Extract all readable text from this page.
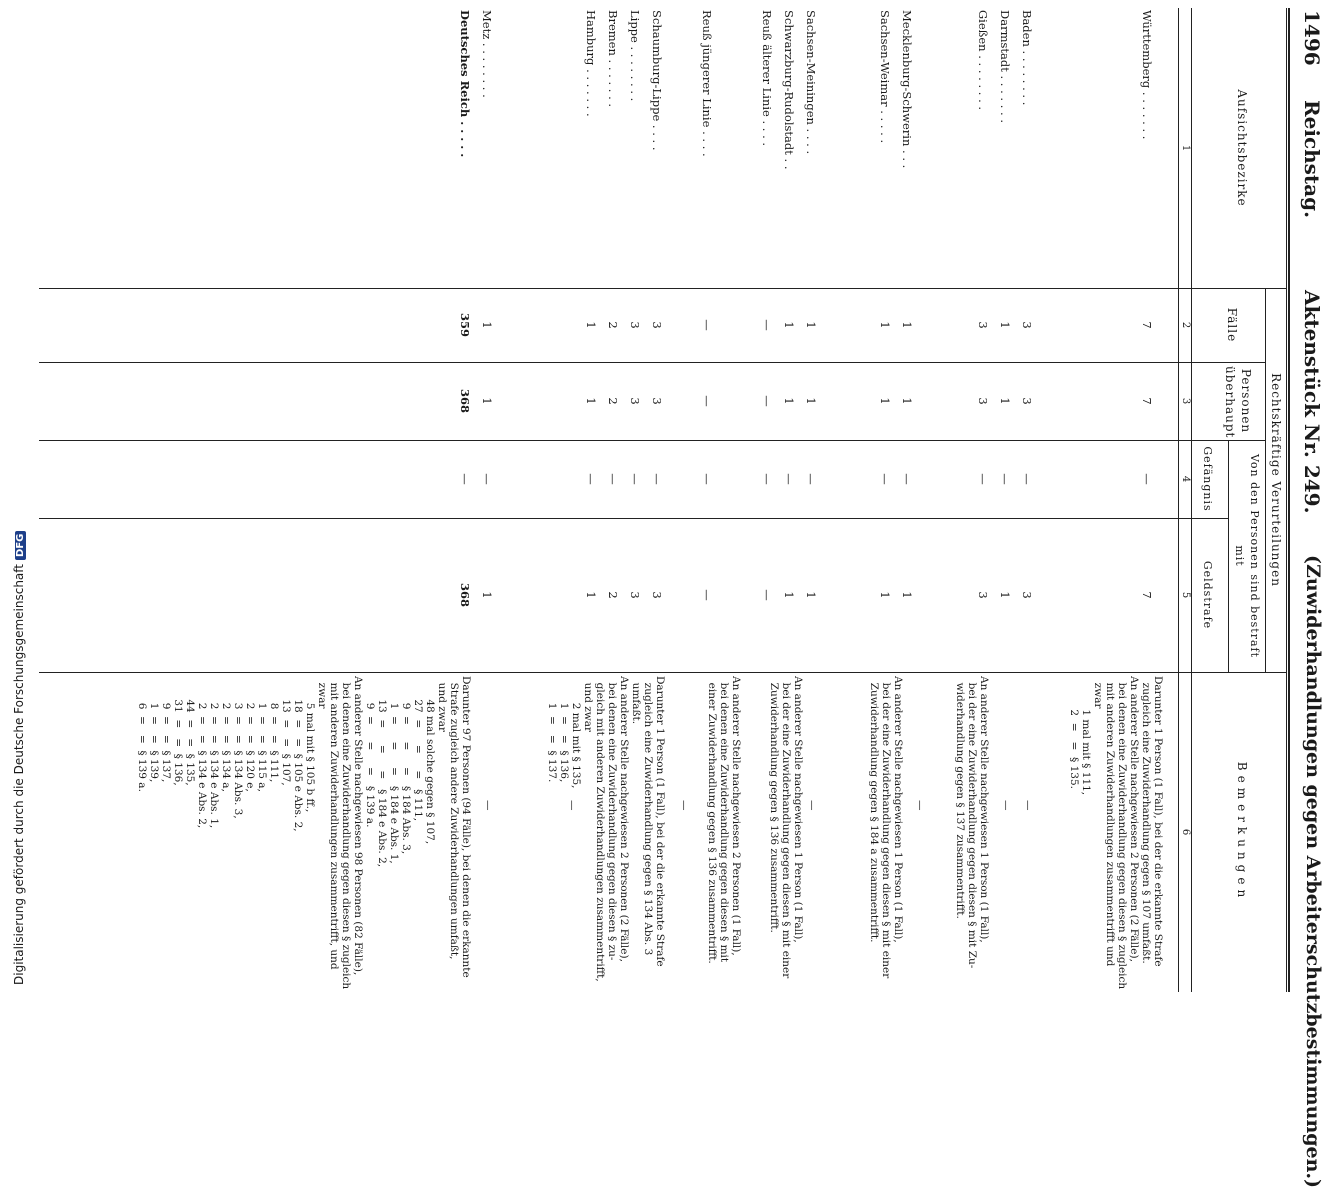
Digitalisierung gefördert durch die Deutsche ForschungsgemeinschaftDFG
1496
Reichstag.
Aktenstück Nr. 249.
(Zuwiderhandlungen gegen Arbeiterschutzbestimmungen.)
Aufsichtsbezirke
Rechtskräftige Verurteilungen
Fälle
Personen überhaupt
Von den Personen sind bestraft mit
Gefängnis
Geldstrafe
Bemerkungen
1
2
3
4
5
6
Württemberg . . . . . . .
7
7
—
7
Darunter 1 Person (1 Fall), bei der die erkannte Strafe
zugleich eine Zuwiderhandlung gegen § 107 umfaßt.
An anderer Stelle nachgewiesen 2 Personen (2 Fälle),
bei denen eine Zuwiderhandlung gegen diesen § zugleich
mit anderen Zuwiderhandlungen zusammentrifft und
zwar
1 mal mit § 111,
2  =   =  § 135.
Baden . . . . . . . .
3
3
—
3
—
Darmstadt . . . . . . .
1
1
—
1
—
Gießen . . . . . . . .
3
3
—
3
An anderer Stelle nachgewiesen 1 Person (1 Fall),
bei der eine Zuwiderhandlung gegen diesen § mit Zu-
widerhandlung gegen § 137 zusammentrifft.
Mecklenburg-Schwerin . . .
1
1
—
1
—
Sachsen-Weimar . . . . .
1
1
—
1
An anderer Stelle nachgewiesen 1 Person (1 Fall),
bei der eine Zuwiderhandlung gegen diesen § mit einer
Zuwiderhandlung gegen § 184 a zusammentrifft.
Sachsen-Meiningen . . . .
1
1
—
1
—
Schwarzburg-Rudolstadt . .
1
1
—
1
An anderer Stelle nachgewiesen 1 Person (1 Fall),
bei der eine Zuwiderhandlung gegen diesen § mit einer
Zuwiderhandlung gegen § 136 zusammentrifft.
Reuß älterer Linie . . . .
—
—
—
—
Reuß jüngerer Linie . . . .
—
—
—
—
An anderer Stelle nachgewiesen 2 Personen (1 Fall),
bei denen eine Zuwiderhandlung gegen diesen § mit
einer Zuwiderhandlung gegen § 136 zusammentrifft.
—
Schaumburg-Lippe . . . .
3
3
—
3
Darunter 1 Person (1 Fall), bei der die erkannte Strafe
zugleich eine Zuwiderhandlung gegen § 134 Abs. 3
umfaßt.
An anderer Stelle nachgewiesen 2 Personen (2 Fälle),
bei denen eine Zuwiderhandlung gegen diesen § zu-
gleich mit anderen Zuwiderhandlungen zusammentrifft,
und zwar
2 mal mit § 135,
1  =   =  § 136,
1  =   =  § 137.
Lippe . . . . . . . .
3
3
—
3
Bremen . . . . . . .
2
2
—
2
Hamburg . . . . . . .
1
1
—
1
—
Metz . . . . . . . .
1
1
—
1
—
Deutsches Reich . . . . .
359
368
—
368
Darunter 97 Personen (94 Fälle), bei denen die erkannte
Strafe zugleich andere Zuwiderhandlungen umfaßt,
und zwar
48 mal solche gegen § 107,
27  =     =     =   § 111,
9  =     =     =   § 184 Abs. 3,
1  =     =     =   § 184 e Abs. 1,
13  =     =     =   § 184 e Abs. 2,
9  =     =     =   § 139 a.
An anderer Stelle nachgewiesen 98 Personen (82 Fälle),
bei denen eine Zuwiderhandlung gegen diesen § zugleich
mit anderen Zuwiderhandlungen zusammentrifft, und
zwar
5 mal mit § 105 b ff.,
18  =   =  § 105 e Abs. 2,
13  =   =  § 107,
8  =   =  § 111,
1  =   =  § 115 a,
2  =   =  § 120 e,
3  =   =  § 134 Abs. 3,
2  =   =  § 134 a,
2  =   =  § 134 e Abs. 1,
2  =   =  § 134 e Abs. 2,
44  =   =  § 135,
31  =   =  § 136,
9  =   =  § 137,
1  =   =  § 139,
6  =   =  § 139 a.
